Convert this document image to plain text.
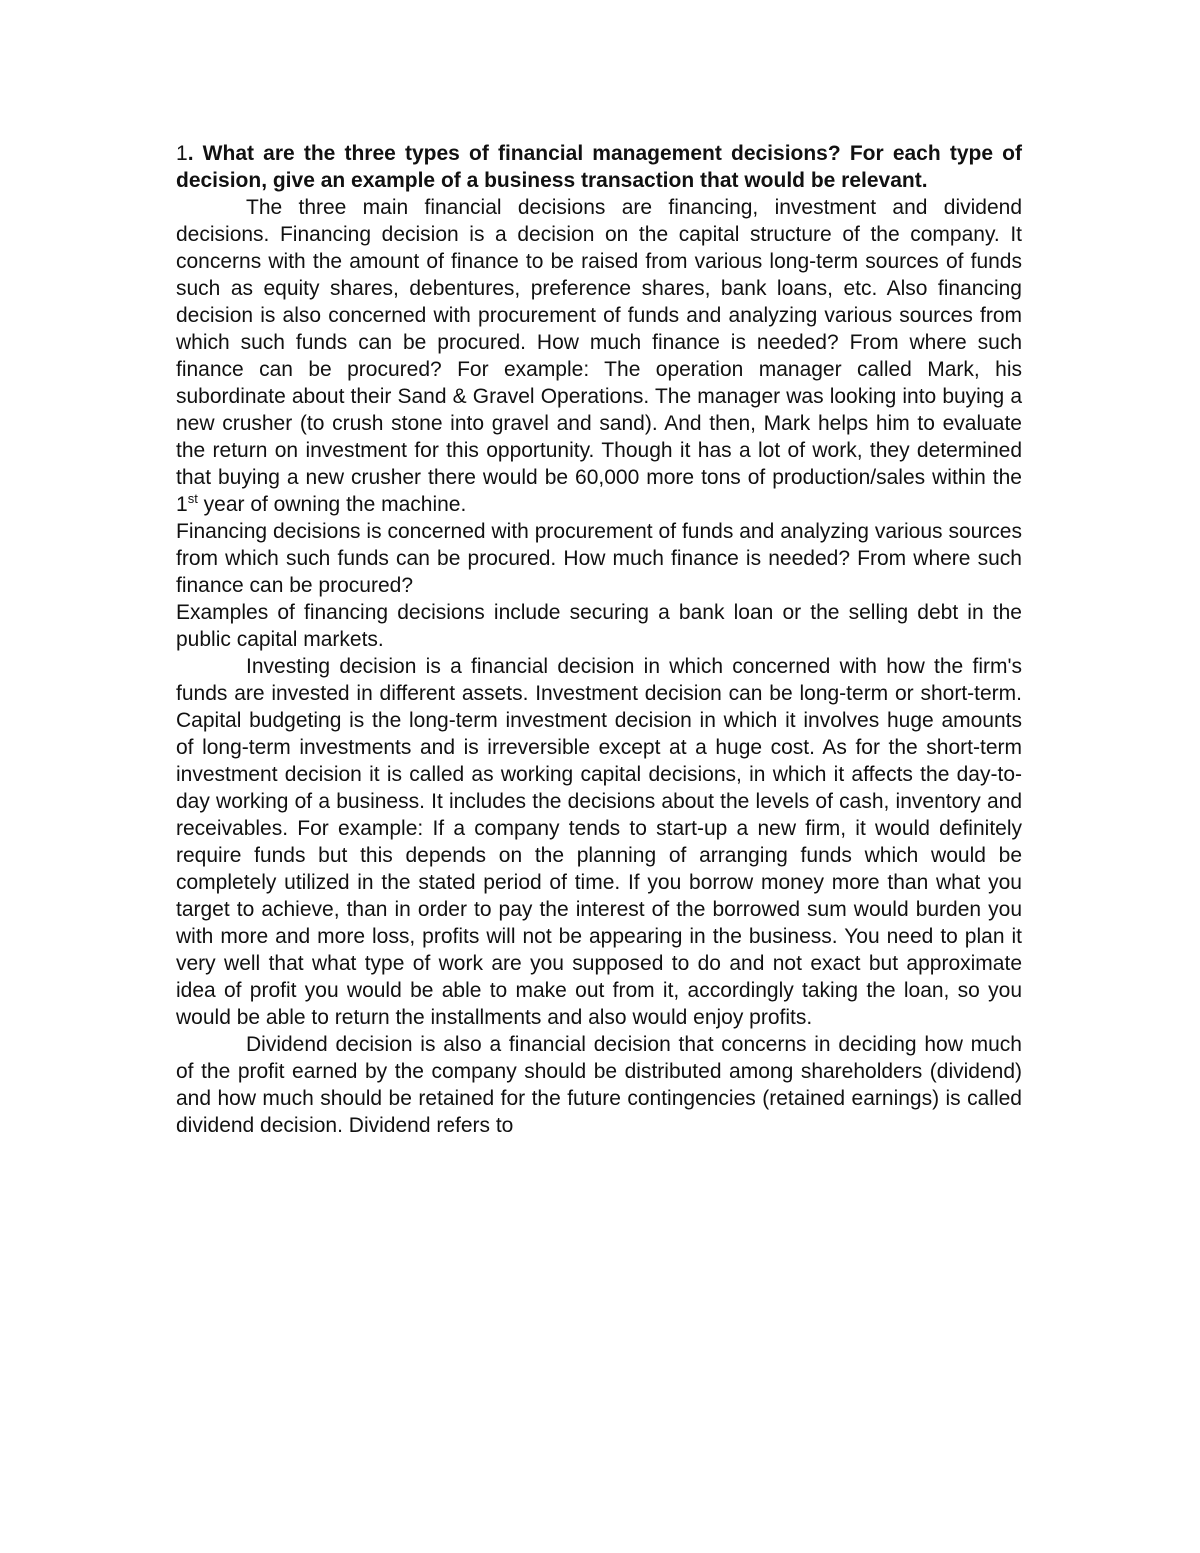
1. What are the three types of financial management decisions? For each type of decision, give an example of a business transaction that would be relevant.

The three main financial decisions are financing, investment and dividend decisions. Financing decision is a decision on the capital structure of the company. It concerns with the amount of finance to be raised from various long-term sources of funds such as equity shares, debentures, preference shares, bank loans, etc. Also financing decision is also concerned with procurement of funds and analyzing various sources from which such funds can be procured. How much finance is needed? From where such finance can be procured? For example: The operation manager called Mark, his subordinate about their Sand & Gravel Operations. The manager was looking into buying a new crusher (to crush stone into gravel and sand). And then, Mark helps him to evaluate the return on investment for this opportunity. Though it has a lot of work, they determined that buying a new crusher there would be 60,000 more tons of production/sales within the 1st year of owning the machine.

Financing decisions is concerned with procurement of funds and analyzing various sources from which such funds can be procured. How much finance is needed? From where such finance can be procured?

Examples of financing decisions include securing a bank loan or the selling debt in the public capital markets.

Investing decision is a financial decision in which concerned with how the firm's funds are invested in different assets. Investment decision can be long-term or short-term. Capital budgeting is the long-term investment decision in which it involves huge amounts of long-term investments and is irreversible except at a huge cost. As for the short-term investment decision it is called as working capital decisions, in which it affects the day-to-day working of a business. It includes the decisions about the levels of cash, inventory and receivables. For example: If a company tends to start-up a new firm, it would definitely require funds but this depends on the planning of arranging funds which would be completely utilized in the stated period of time. If you borrow money more than what you target to achieve, than in order to pay the interest of the borrowed sum would burden you with more and more loss, profits will not be appearing in the business. You need to plan it very well that what type of work are you supposed to do and not exact but approximate idea of profit you would be able to make out from it, accordingly taking the loan, so you would be able to return the installments and also would enjoy profits.

Dividend decision is also a financial decision that concerns in deciding how much of the profit earned by the company should be distributed among shareholders (dividend) and how much should be retained for the future contingencies (retained earnings) is called dividend decision. Dividend refers to
